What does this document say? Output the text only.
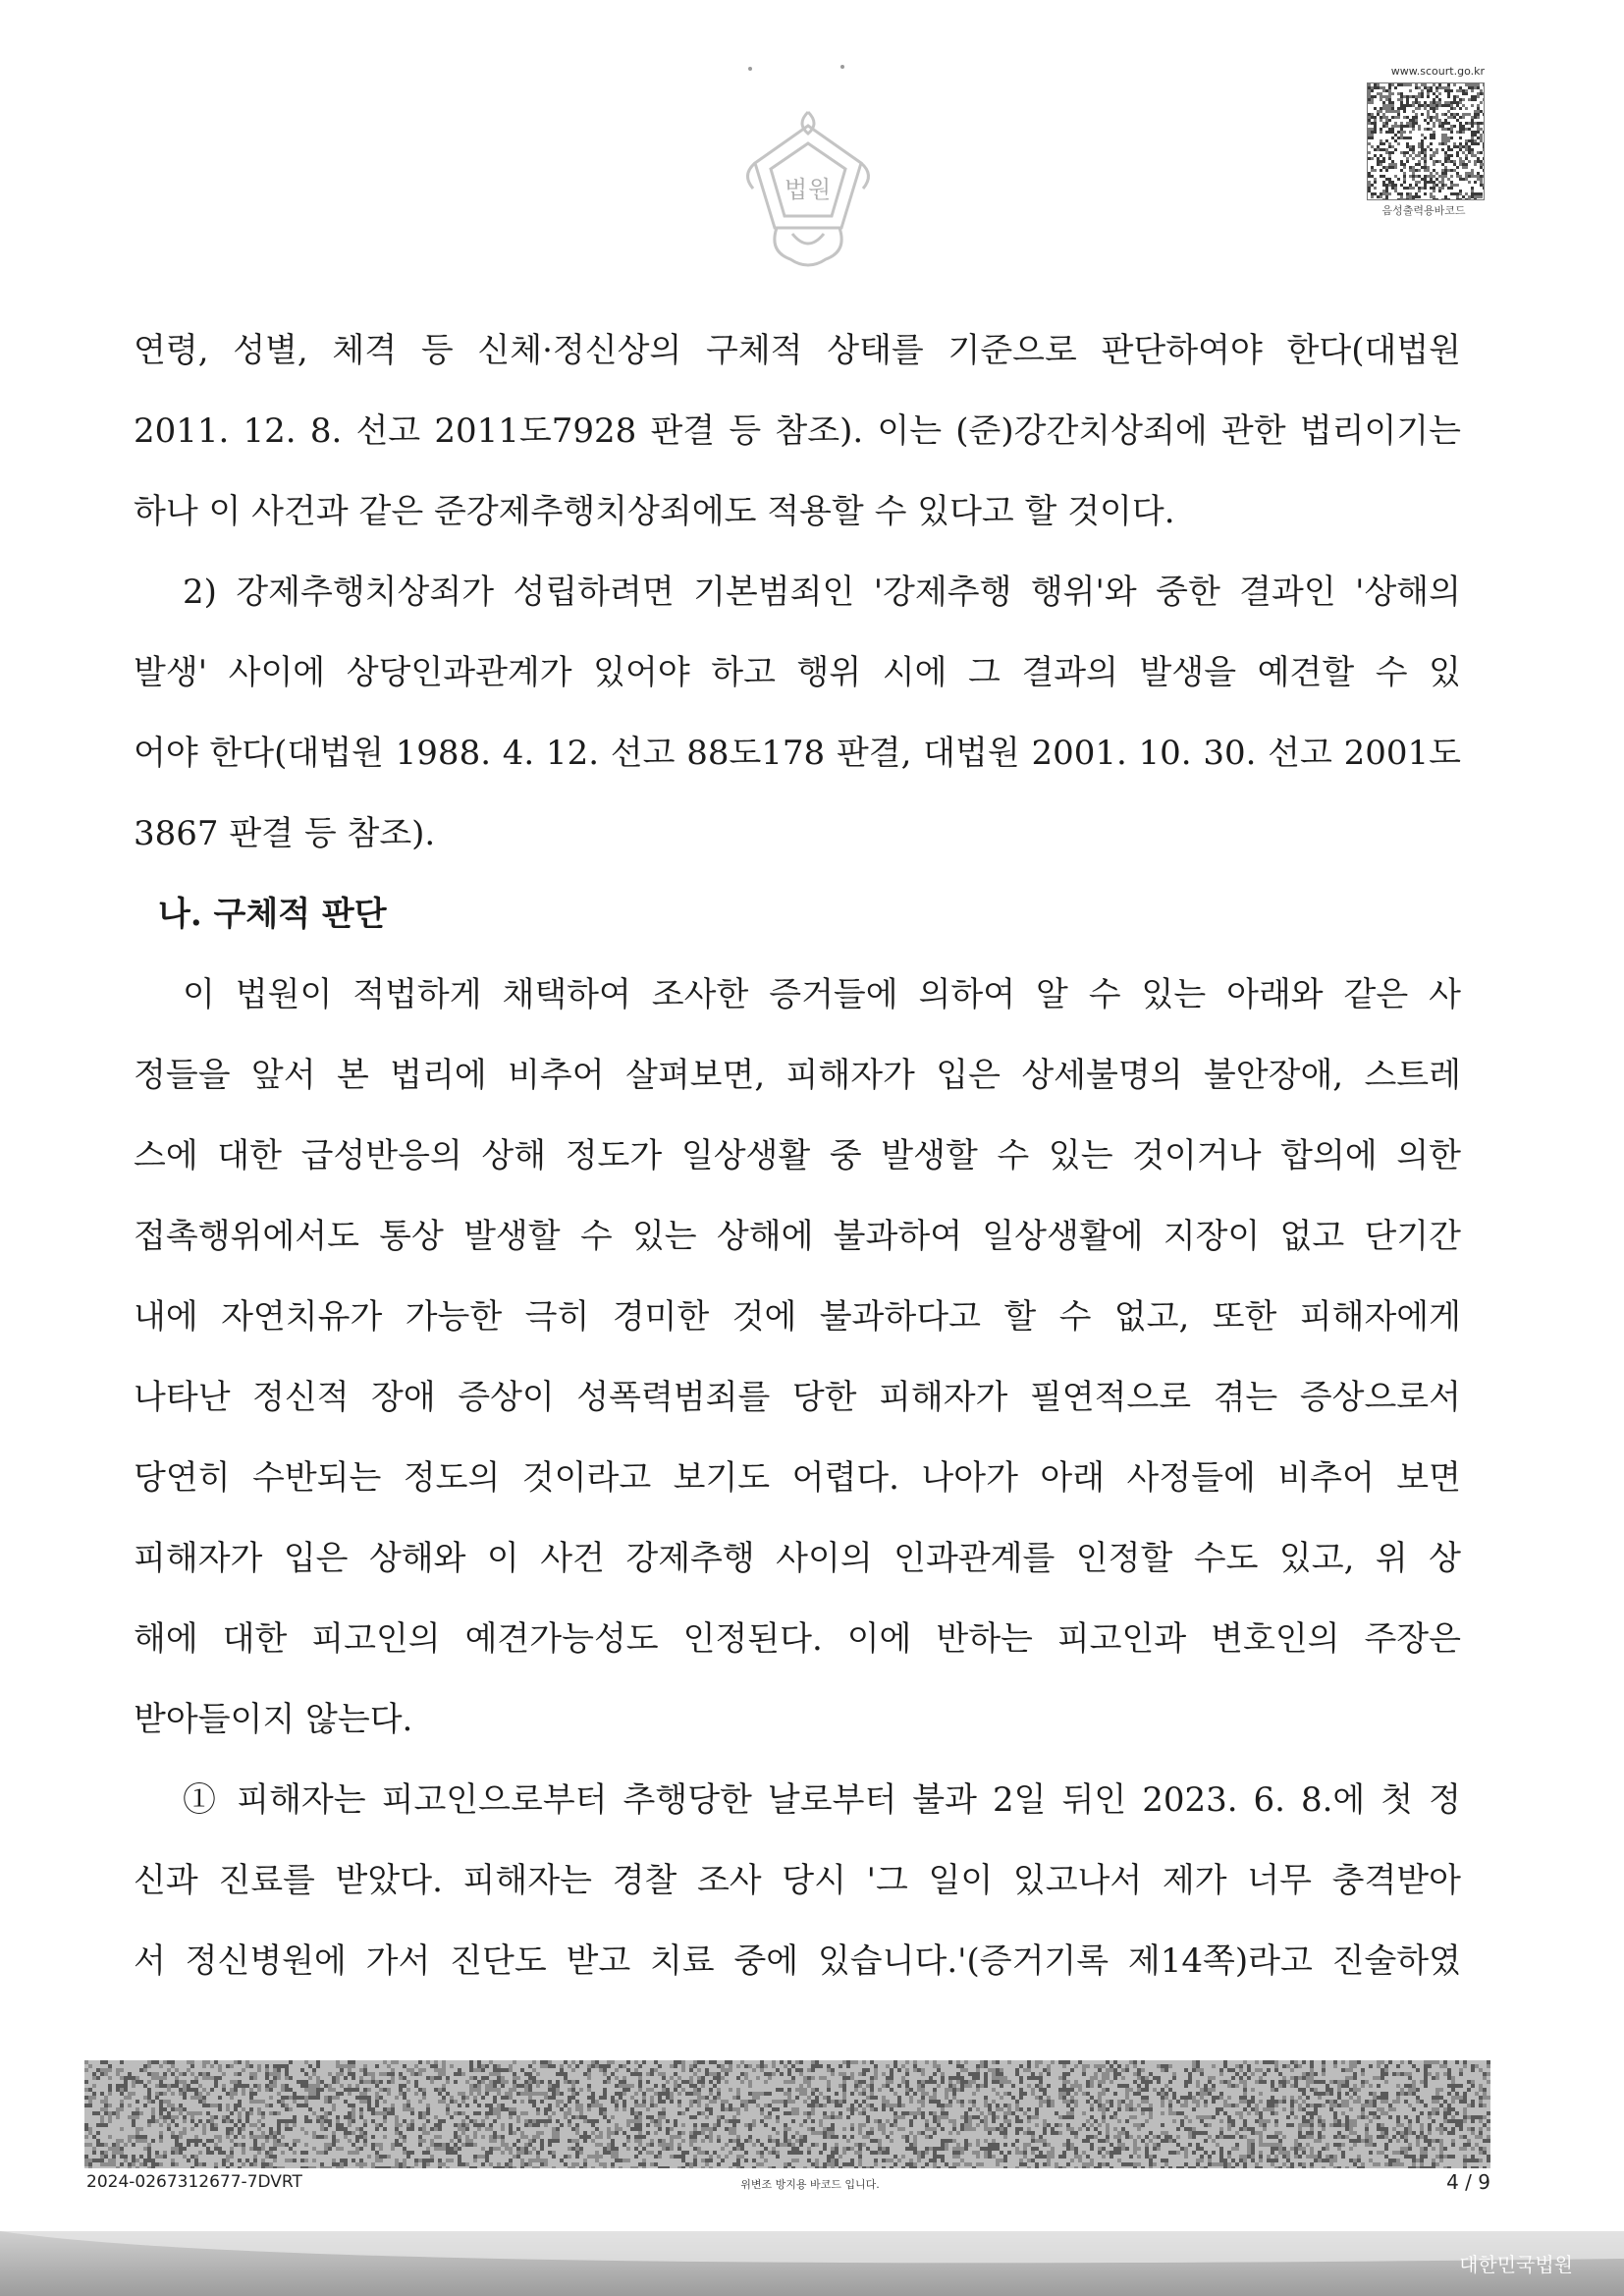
법원
www.scourt.go.kr
음성출력용바코드
연령, 성별, 체격 등 신체·정신상의 구체적 상태를 기준으로 판단하여야 한다(대법원
2011. 12. 8. 선고 2011도7928 판결 등 참조). 이는 (준)강간치상죄에 관한 법리이기는
하나 이 사건과 같은 준강제추행치상죄에도 적용할 수 있다고 할 것이다.
2) 강제추행치상죄가 성립하려면 기본범죄인 '강제추행 행위'와 중한 결과인 '상해의
발생' 사이에 상당인과관계가 있어야 하고 행위 시에 그 결과의 발생을 예견할 수 있
어야 한다(대법원 1988. 4. 12. 선고 88도178 판결, 대법원 2001. 10. 30. 선고 2001도
3867 판결 등 참조).
나. 구체적 판단
이 법원이 적법하게 채택하여 조사한 증거들에 의하여 알 수 있는 아래와 같은 사
정들을 앞서 본 법리에 비추어 살펴보면, 피해자가 입은 상세불명의 불안장애, 스트레
스에 대한 급성반응의 상해 정도가 일상생활 중 발생할 수 있는 것이거나 합의에 의한
접촉행위에서도 통상 발생할 수 있는 상해에 불과하여 일상생활에 지장이 없고 단기간
내에 자연치유가 가능한 극히 경미한 것에 불과하다고 할 수 없고, 또한 피해자에게
나타난 정신적 장애 증상이 성폭력범죄를 당한 피해자가 필연적으로 겪는 증상으로서
당연히 수반되는 정도의 것이라고 보기도 어렵다. 나아가 아래 사정들에 비추어 보면
피해자가 입은 상해와 이 사건 강제추행 사이의 인과관계를 인정할 수도 있고, 위 상
해에 대한 피고인의 예견가능성도 인정된다. 이에 반하는 피고인과 변호인의 주장은
받아들이지 않는다.
① 피해자는 피고인으로부터 추행당한 날로부터 불과 2일 뒤인 2023. 6. 8.에 첫 정
신과 진료를 받았다. 피해자는 경찰 조사 당시 '그 일이 있고나서 제가 너무 충격받아
서 정신병원에 가서 진단도 받고 치료 중에 있습니다.'(증거기록 제14쪽)라고 진술하였
2024-0267312677-7DVRT	위변조 방지용 바코드 입니다.	4 / 9
대한민국법원
